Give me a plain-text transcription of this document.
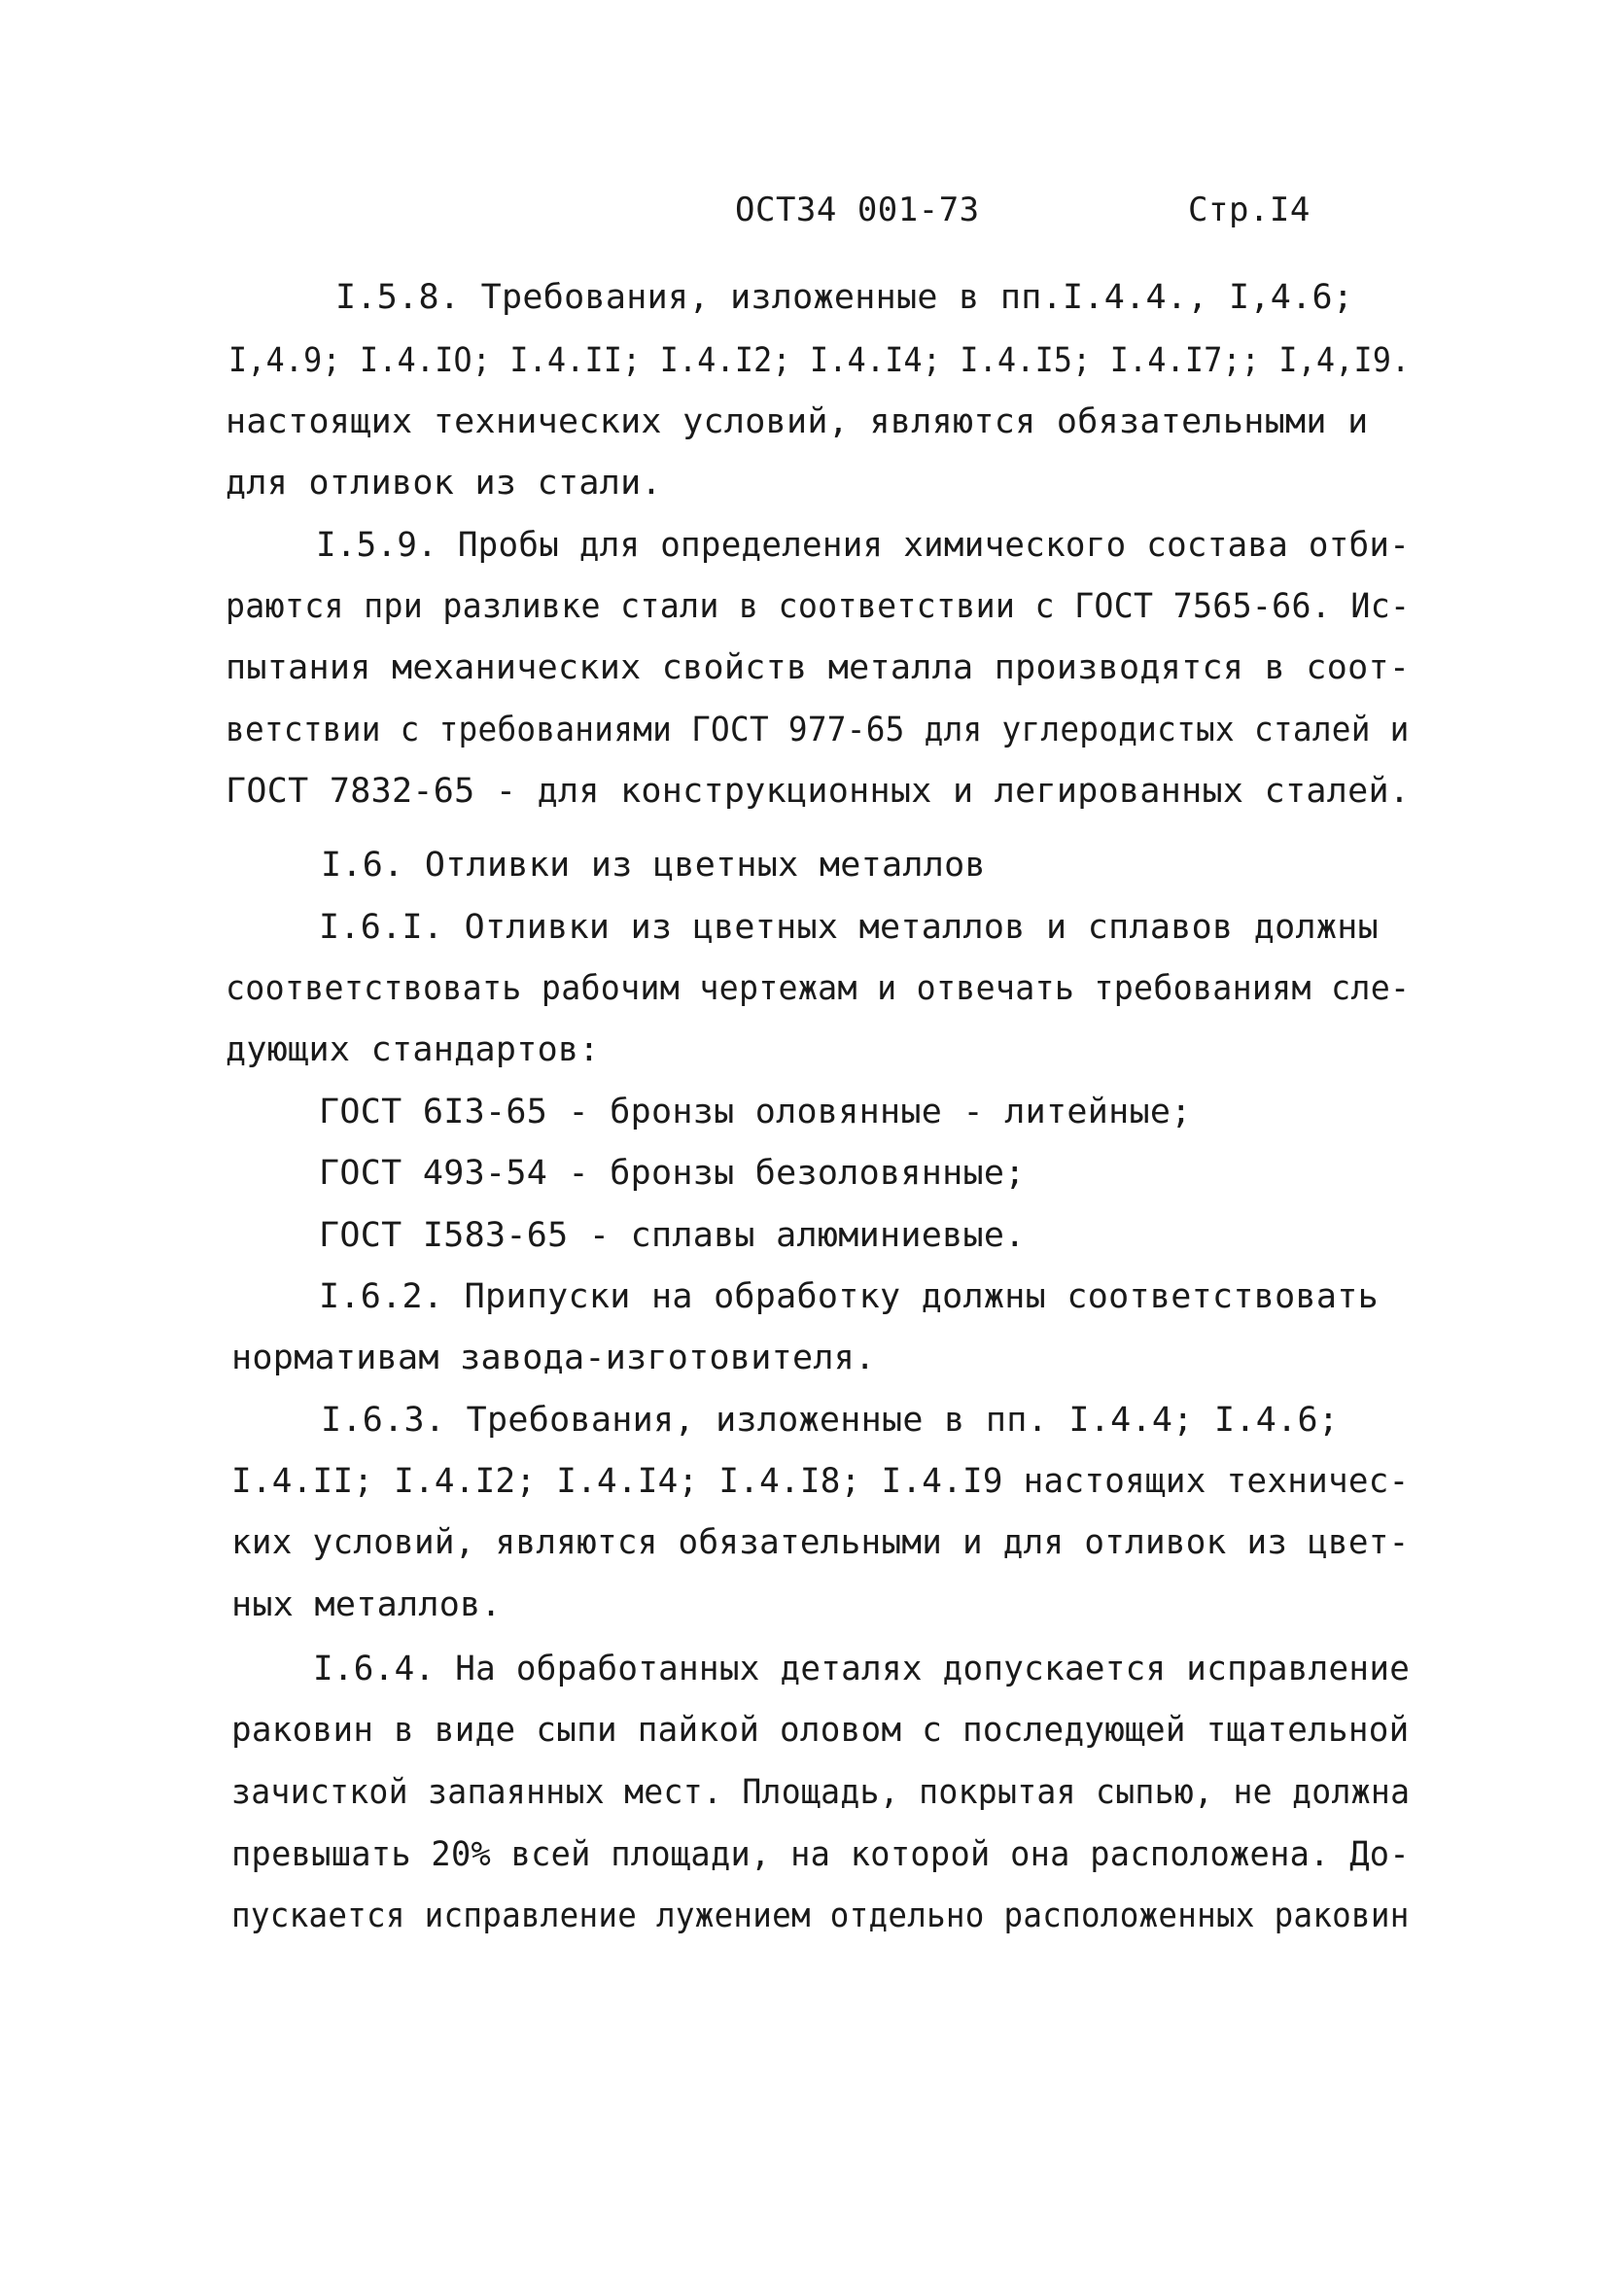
ОСТ34 001-73	Стр.I4
I.5.8. Требования, изложенные в пп.I.4.4., I,4.6;
I,4.9; I.4.IO; I.4.II; I.4.I2; I.4.I4; I.4.I5; I.4.I7;; I,4,I9.
настоящих технических условий, являются обязательными и
для отливок из стали.
I.5.9. Пробы для определения химического состава отби-
раются при разливке стали в соответствии с ГОСТ 7565-66. Ис-
пытания механических свойств металла производятся в соот-
ветствии с требованиями ГОСТ 977-65 для углеродистых сталей и
ГОСТ 7832-65 - для конструкционных и легированных сталей.
I.6. Отливки из цветных металлов
I.6.I. Отливки из цветных металлов и сплавов должны
соответствовать рабочим чертежам и отвечать требованиям сле-
дующих стандартов:
ГОСТ 6I3-65 - бронзы оловянные - литейные;
ГОСТ 493-54 - бронзы безоловянные;
ГОСТ I583-65 - сплавы алюминиевые.
I.6.2. Припуски на обработку должны соответствовать
нормативам завода-изготовителя.
I.6.3. Требования, изложенные в пп. I.4.4; I.4.6;
I.4.II; I.4.I2; I.4.I4; I.4.I8; I.4.I9 настоящих техничес-
ких условий, являются обязательными и для отливок из цвет-
ных металлов.
I.6.4. На обработанных деталях допускается исправление
раковин в виде сыпи пайкой оловом с последующей тщательной
зачисткой запаянных мест. Площадь, покрытая сыпью, не должна
превышать 20% всей площади, на которой она расположена. До-
пускается исправление лужением отдельно расположенных раковин
